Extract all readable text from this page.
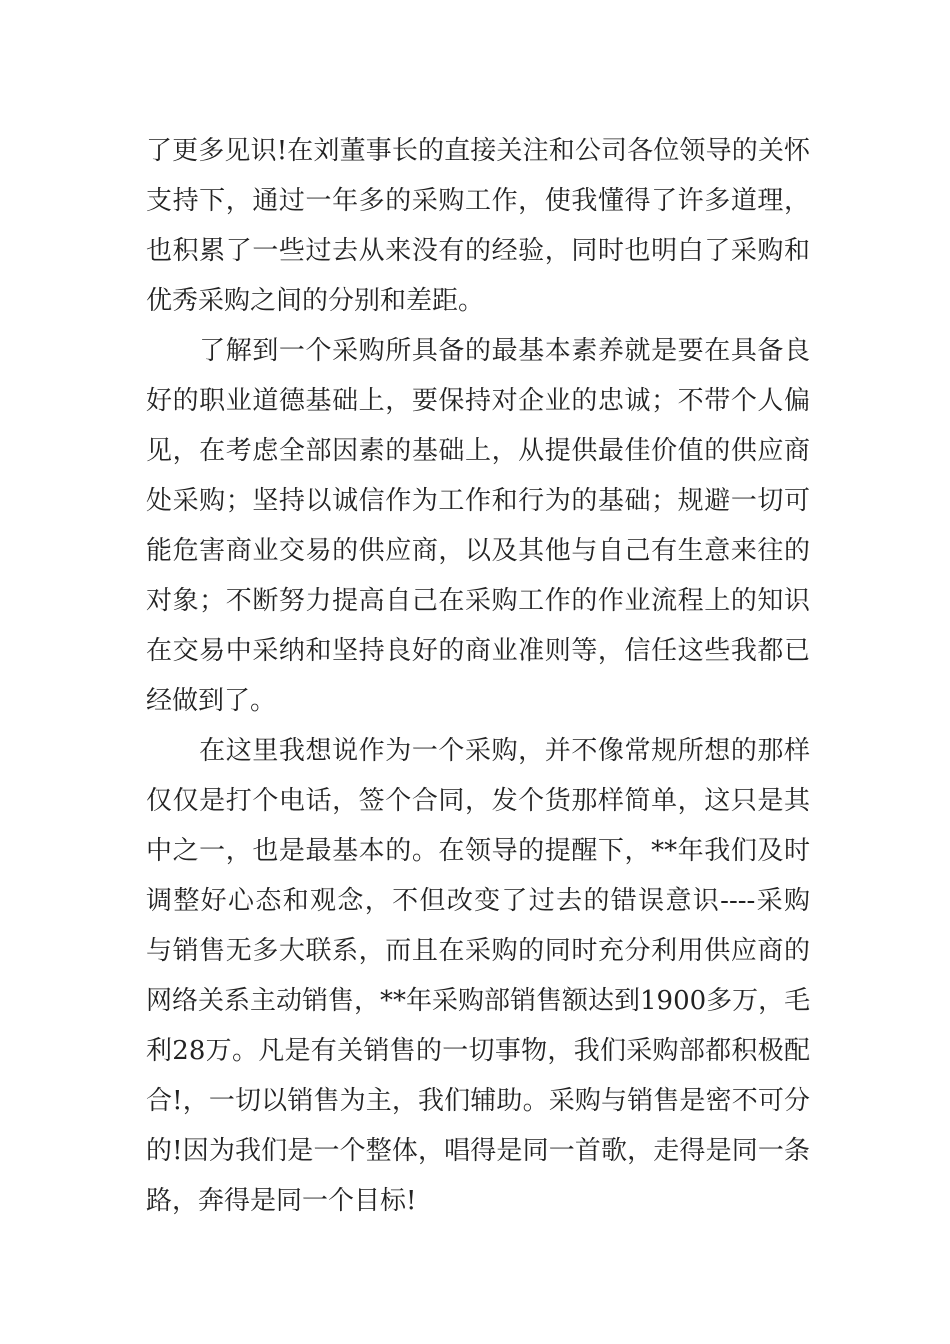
了更多见识!在刘董事长的直接关注和公司各位领导的关怀
支持下，通过一年多的采购工作，使我懂得了许多道理，
也积累了一些过去从来没有的经验，同时也明白了采购和
优秀采购之间的分别和差距。
　　了解到一个采购所具备的最基本素养就是要在具备良
好的职业道德基础上，要保持对企业的忠诚；不带个人偏
见，在考虑全部因素的基础上，从提供最佳价值的供应商
处采购；坚持以诚信作为工作和行为的基础；规避一切可
能危害商业交易的供应商，以及其他与自己有生意来往的
对象；不断努力提高自己在采购工作的作业流程上的知识
在交易中采纳和坚持良好的商业准则等，信任这些我都已
经做到了。
　　在这里我想说作为一个采购，并不像常规所想的那样
仅仅是打个电话，签个合同，发个货那样简单，这只是其
中之一，也是最基本的。在领导的提醒下，**年我们及时
调整好心态和观念，不但改变了过去的错误意识----采购
与销售无多大联系，而且在采购的同时充分利用供应商的
网络关系主动销售，**年采购部销售额达到1900多万，毛
利28万。凡是有关销售的一切事物，我们采购部都积极配
合!，一切以销售为主，我们辅助。采购与销售是密不可分
的!因为我们是一个整体，唱得是同一首歌，走得是同一条
路，奔得是同一个目标!
